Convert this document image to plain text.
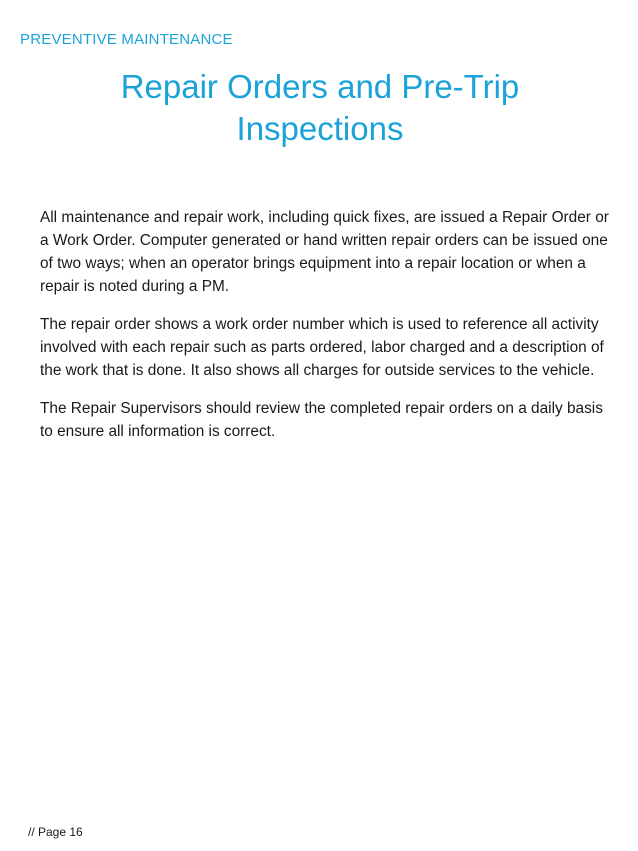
PREVENTIVE MAINTENANCE
Repair Orders and Pre-Trip Inspections

All maintenance and repair work, including quick fixes, are issued a Repair Order or a Work Order. Computer generated or hand written repair orders can be issued one of two ways; when an operator brings equipment into a repair location or when a repair is noted during a PM.

The repair order shows a work order number which is used to reference all activity involved with each repair such as parts ordered, labor charged and a description of the work that is done. It also shows all charges for outside services to the vehicle.

The Repair Supervisors should review the completed repair orders on a daily basis to ensure all information is correct.

// Page 16
